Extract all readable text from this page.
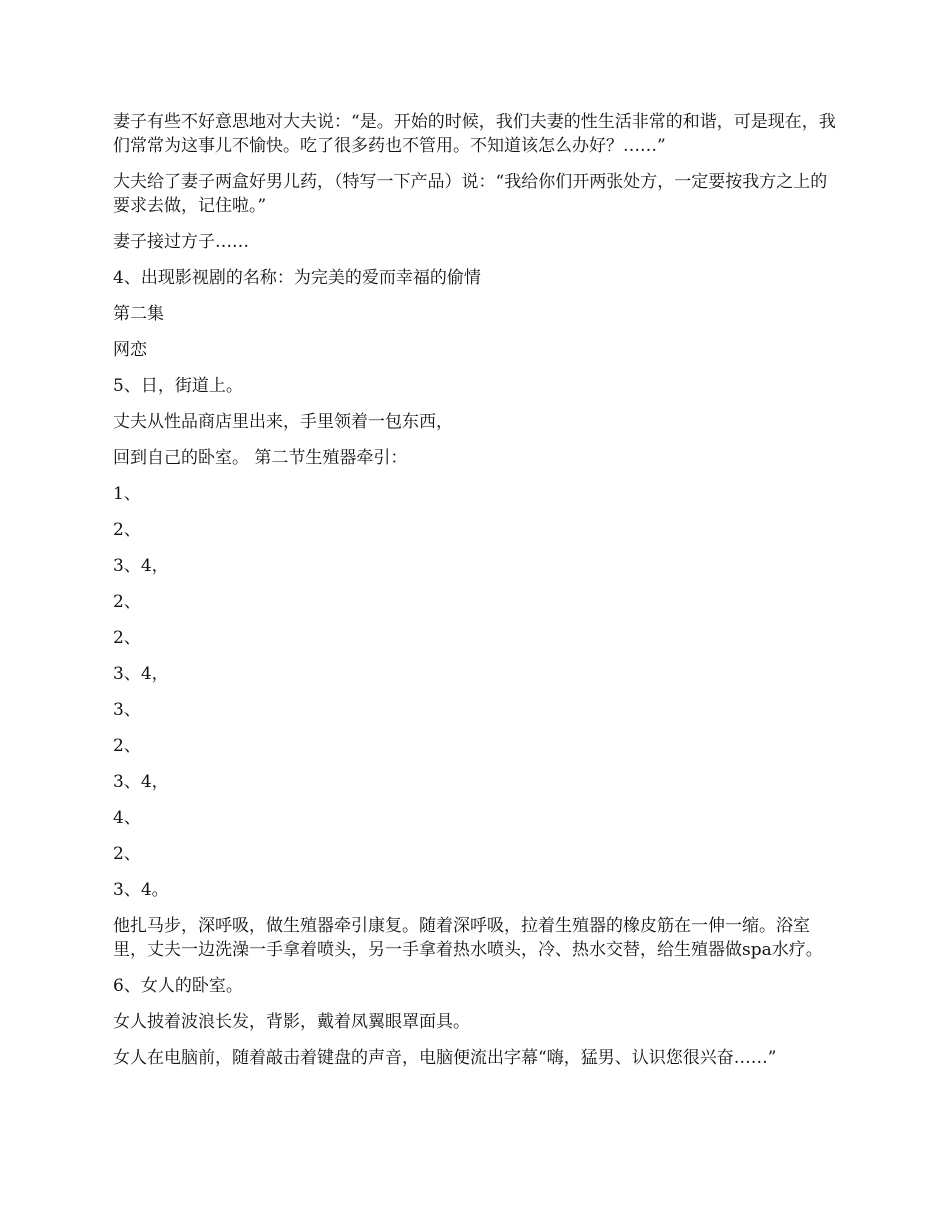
妻子有些不好意思地对大夫说：“是。开始的时候，我们夫妻的性生活非常的和谐，可是现在，我们常常为这事儿不愉快。吃了很多药也不管用。不知道该怎么办好？……”

大夫给了妻子两盒好男儿药，（特写一下产品）说：“我给你们开两张处方，一定要按我方之上的要求去做，记住啦。”

妻子接过方子……

4、出现影视剧的名称：为完美的爱而幸福的偷情

第二集

网恋

5、日，街道上。

丈夫从性品商店里出来，手里领着一包东西，

回到自己的卧室。 第二节生殖器牵引：

1、

2、

3、4，

2、

2、

3、4，

3、

2、

3、4，

4、

2、

3、4。

他扎马步，深呼吸，做生殖器牵引康复。随着深呼吸，拉着生殖器的橡皮筋在一伸一缩。浴室里，丈夫一边洗澡一手拿着喷头，另一手拿着热水喷头，冷、热水交替，给生殖器做spa水疗。

6、女人的卧室。

女人披着波浪长发，背影，戴着凤翼眼罩面具。

女人在电脑前，随着敲击着键盘的声音，电脑便流出字幕“嗨，猛男、认识您很兴奋……”
